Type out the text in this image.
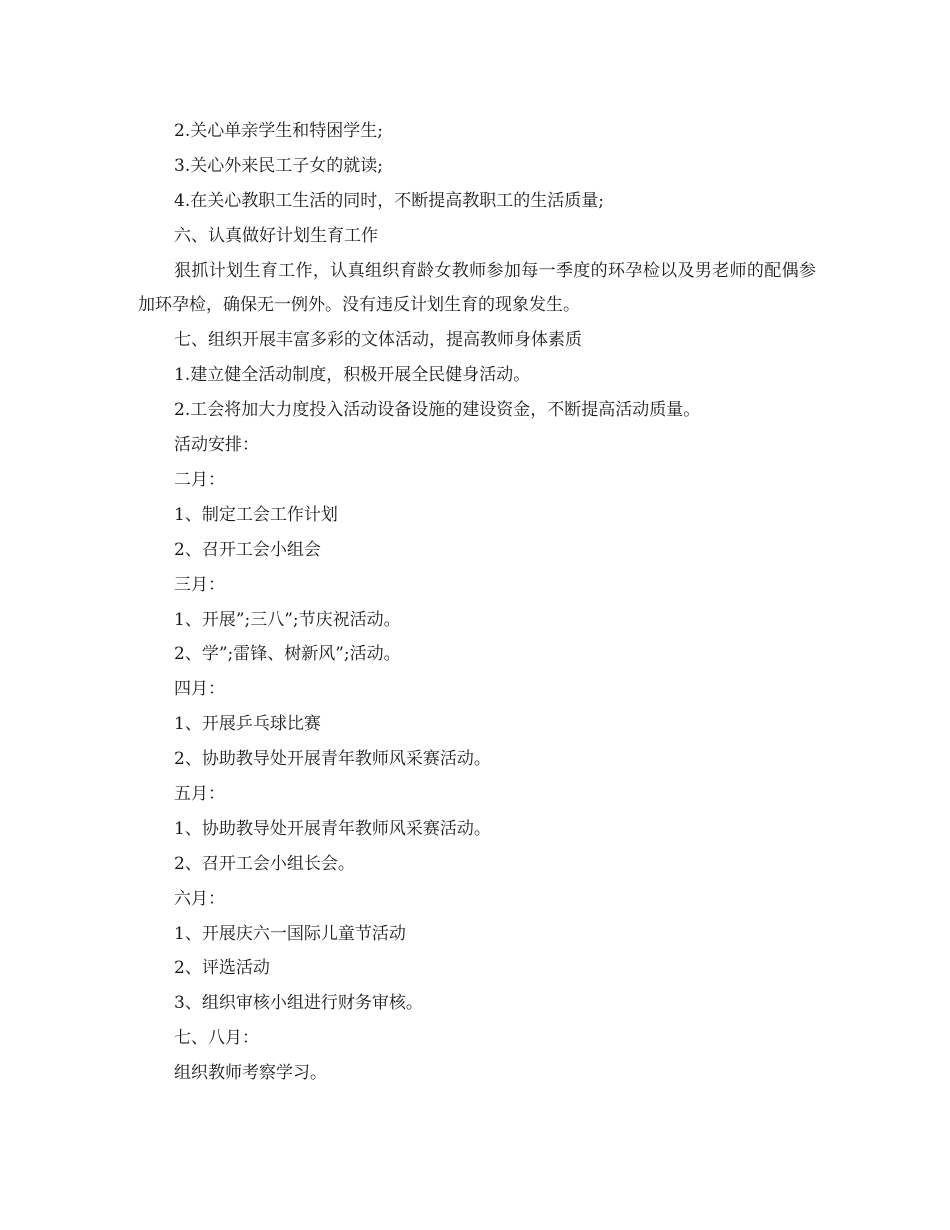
2.关心单亲学生和特困学生;

3.关心外来民工子女的就读;

4.在关心教职工生活的同时，不断提高教职工的生活质量;

六、认真做好计划生育工作

狠抓计划生育工作，认真组织育龄女教师参加每一季度的环孕检以及男老师的配偶参加环孕检，确保无一例外。没有违反计划生育的现象发生。

七、组织开展丰富多彩的文体活动，提高教师身体素质

1.建立健全活动制度，积极开展全民健身活动。

2.工会将加大力度投入活动设备设施的建设资金，不断提高活动质量。

活动安排：

二月：

1、制定工会工作计划

2、召开工会小组会

三月：

1、开展”;三八”;节庆祝活动。

2、学”;雷锋、树新风”;活动。

四月：

1、开展乒乓球比赛

2、协助教导处开展青年教师风采赛活动。

五月：

1、协助教导处开展青年教师风采赛活动。

2、召开工会小组长会。

六月：

1、开展庆六一国际儿童节活动

2、评选活动

3、组织审核小组进行财务审核。

七、八月：

组织教师考察学习。
